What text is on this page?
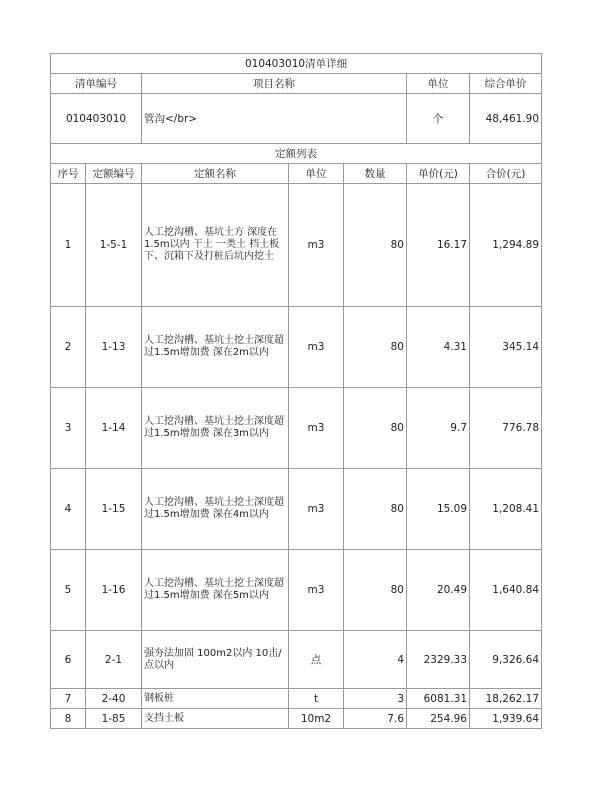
010403010清单详细						
清单编号		项目名称			单位	综合单价
010403010		管沟</br>			个	48,461.90
定额列表						
序号	定额编号	定额名称	单位	数量	单价(元)	合价(元)
1	1-5-1	人工挖沟槽、基坑土方 深度在1.5m以内 干土 一类土 档土板下、沉箱下及打桩后坑内挖土	m3	80	16.17	1,294.89
2	1-13	人工挖沟槽、基坑土挖土深度超过1.5m增加费 深在2m以内	m3	80	4.31	345.14
3	1-14	人工挖沟槽、基坑土挖土深度超过1.5m增加费 深在3m以内	m3	80	9.7	776.78
4	1-15	人工挖沟槽、基坑土挖土深度超过1.5m增加费 深在4m以内	m3	80	15.09	1,208.41
5	1-16	人工挖沟槽、基坑土挖土深度超过1.5m增加费 深在5m以内	m3	80	20.49	1,640.84
6	2-1	强夯法加固 100m2以内 10击/点以内	点	4	2329.33	9,326.64
7	2-40	钢板桩	t	3	6081.31	18,262.17
8	1-85	支挡土板	10m2	7.6	254.96	1,939.64
